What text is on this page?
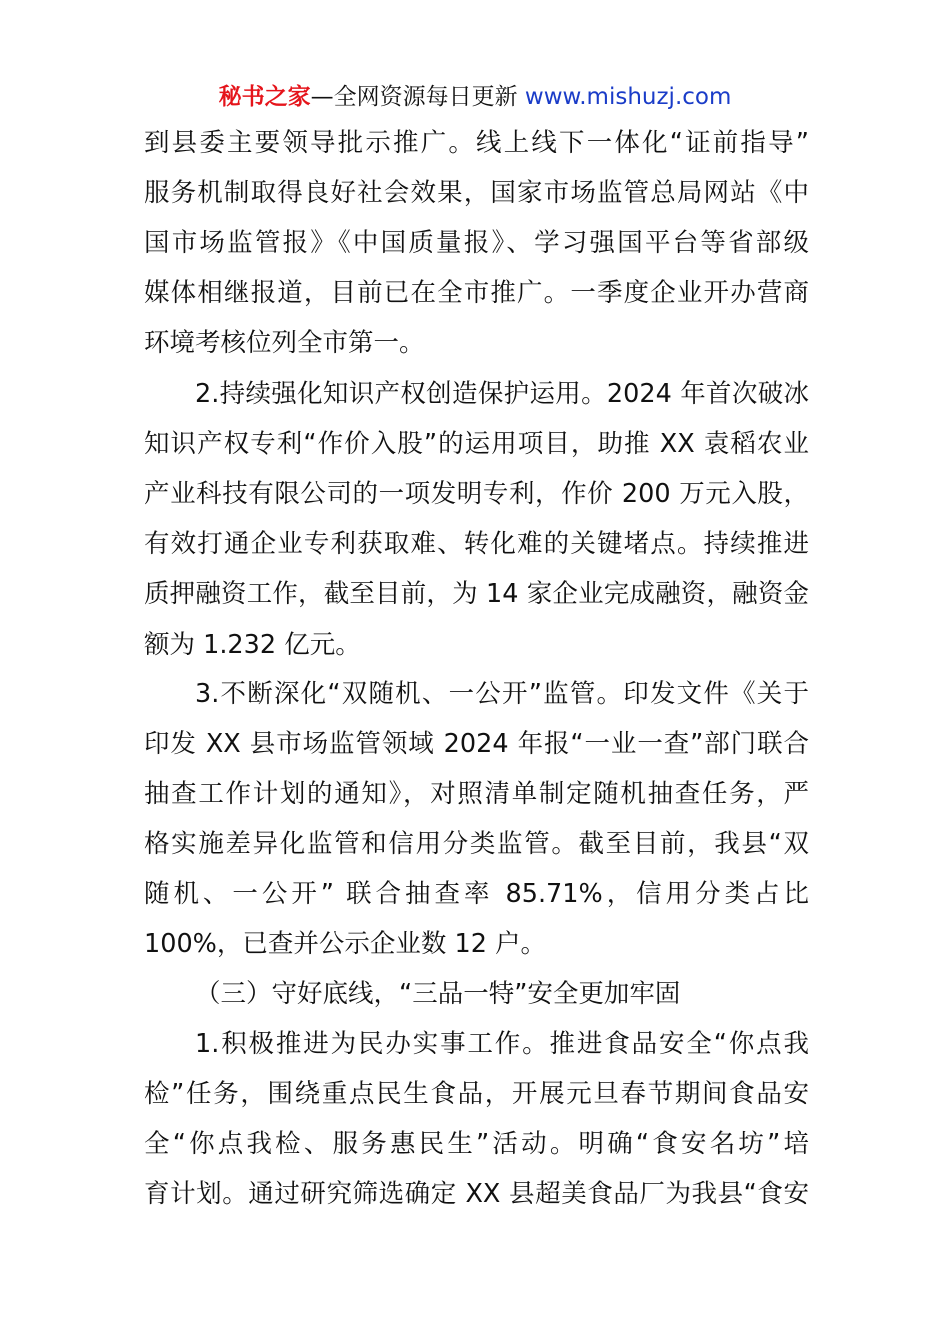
秘书之家—全网资源每日更新 www.mishuzj.com
到县委主要领导批示推广。线上线下一体化“证前指导”
服务机制取得良好社会效果，国家市场监管总局网站《中
国市场监管报》《中国质量报》、学习强国平台等省部级
媒体相继报道，目前已在全市推广。一季度企业开办营商
环境考核位列全市第一。
2.持续强化知识产权创造保护运用。2024 年首次破冰
知识产权专利“作价入股”的运用项目，助推 XX 袁稻农业
产业科技有限公司的一项发明专利，作价 200 万元入股，
有效打通企业专利获取难、转化难的关键堵点。持续推进
质押融资工作，截至目前，为 14 家企业完成融资，融资金
额为 1.232 亿元。
3.不断深化“双随机、一公开”监管。印发文件《关于
印发 XX 县市场监管领域 2024 年报“一业一查”部门联合
抽查工作计划的通知》，对照清单制定随机抽查任务，严
格实施差异化监管和信用分类监管。截至目前，我县“双
随机、一公开” 联合抽查率 85.71%，信用分类占比
100%，已查并公示企业数 12 户。
（三）守好底线，“三品一特”安全更加牢固
1.积极推进为民办实事工作。推进食品安全“你点我
检”任务，围绕重点民生食品，开展元旦春节期间食品安
全“你点我检、服务惠民生”活动。明确“食安名坊”培
育计划。通过研究筛选确定 XX 县超美食品厂为我县“食安
